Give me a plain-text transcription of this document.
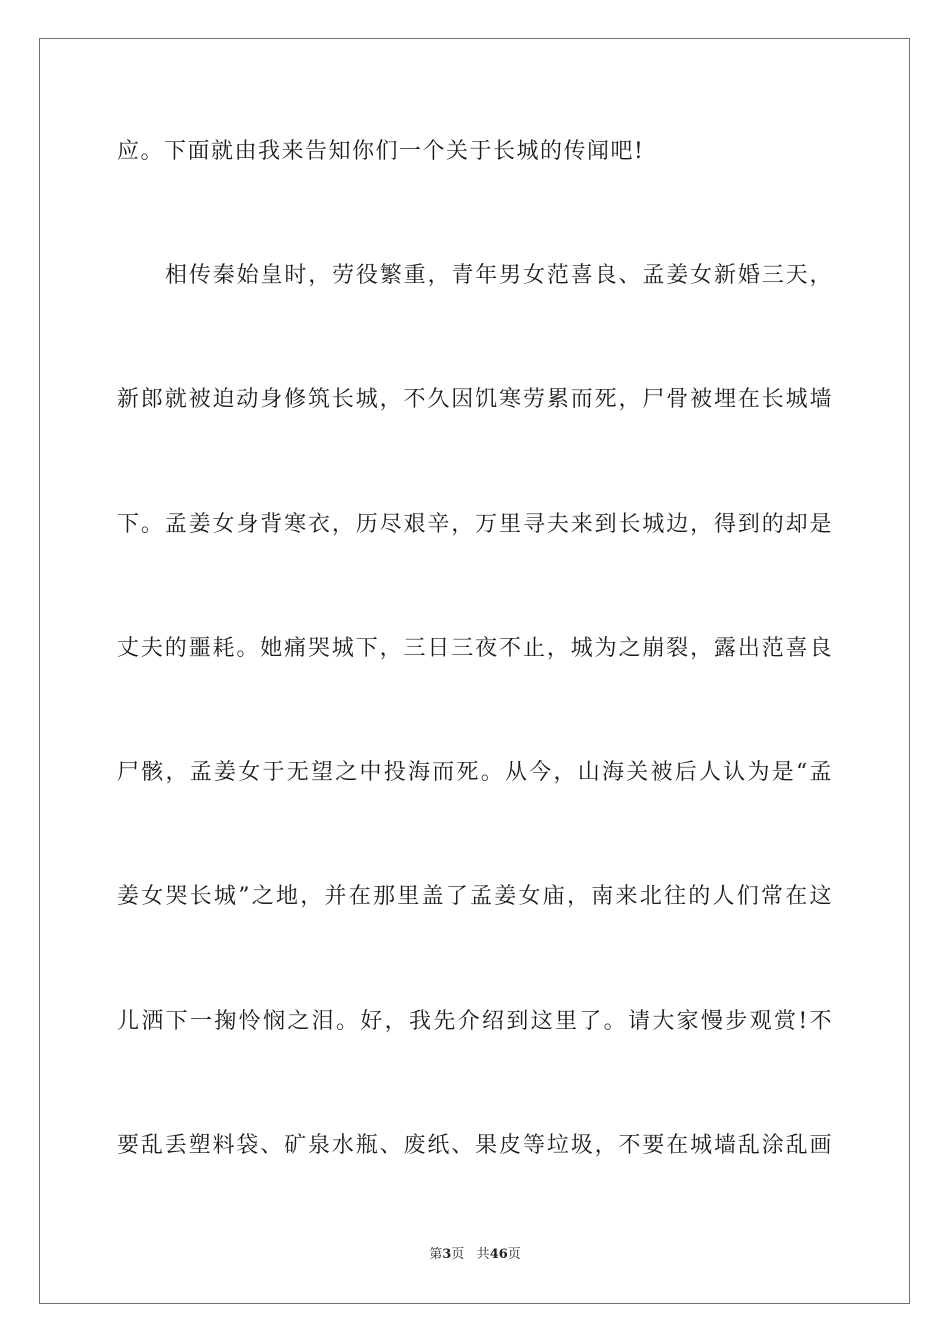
应。下面就由我来告知你们一个关于长城的传闻吧!
相传秦始皇时，劳役繁重，青年男女范喜良、孟姜女新婚三天，
新郎就被迫动身修筑长城，不久因饥寒劳累而死，尸骨被埋在长城墙
下。孟姜女身背寒衣，历尽艰辛，万里寻夫来到长城边，得到的却是
丈夫的噩耗。她痛哭城下，三日三夜不止，城为之崩裂，露出范喜良
尸骸，孟姜女于无望之中投海而死。从今，山海关被后人认为是“孟
姜女哭长城”之地，并在那里盖了孟姜女庙，南来北往的人们常在这
儿洒下一掬怜悯之泪。好，我先介绍到这里了。请大家慢步观赏!不
要乱丢塑料袋、矿泉水瓶、废纸、果皮等垃圾，不要在城墙乱涂乱画
第3页 共46页
